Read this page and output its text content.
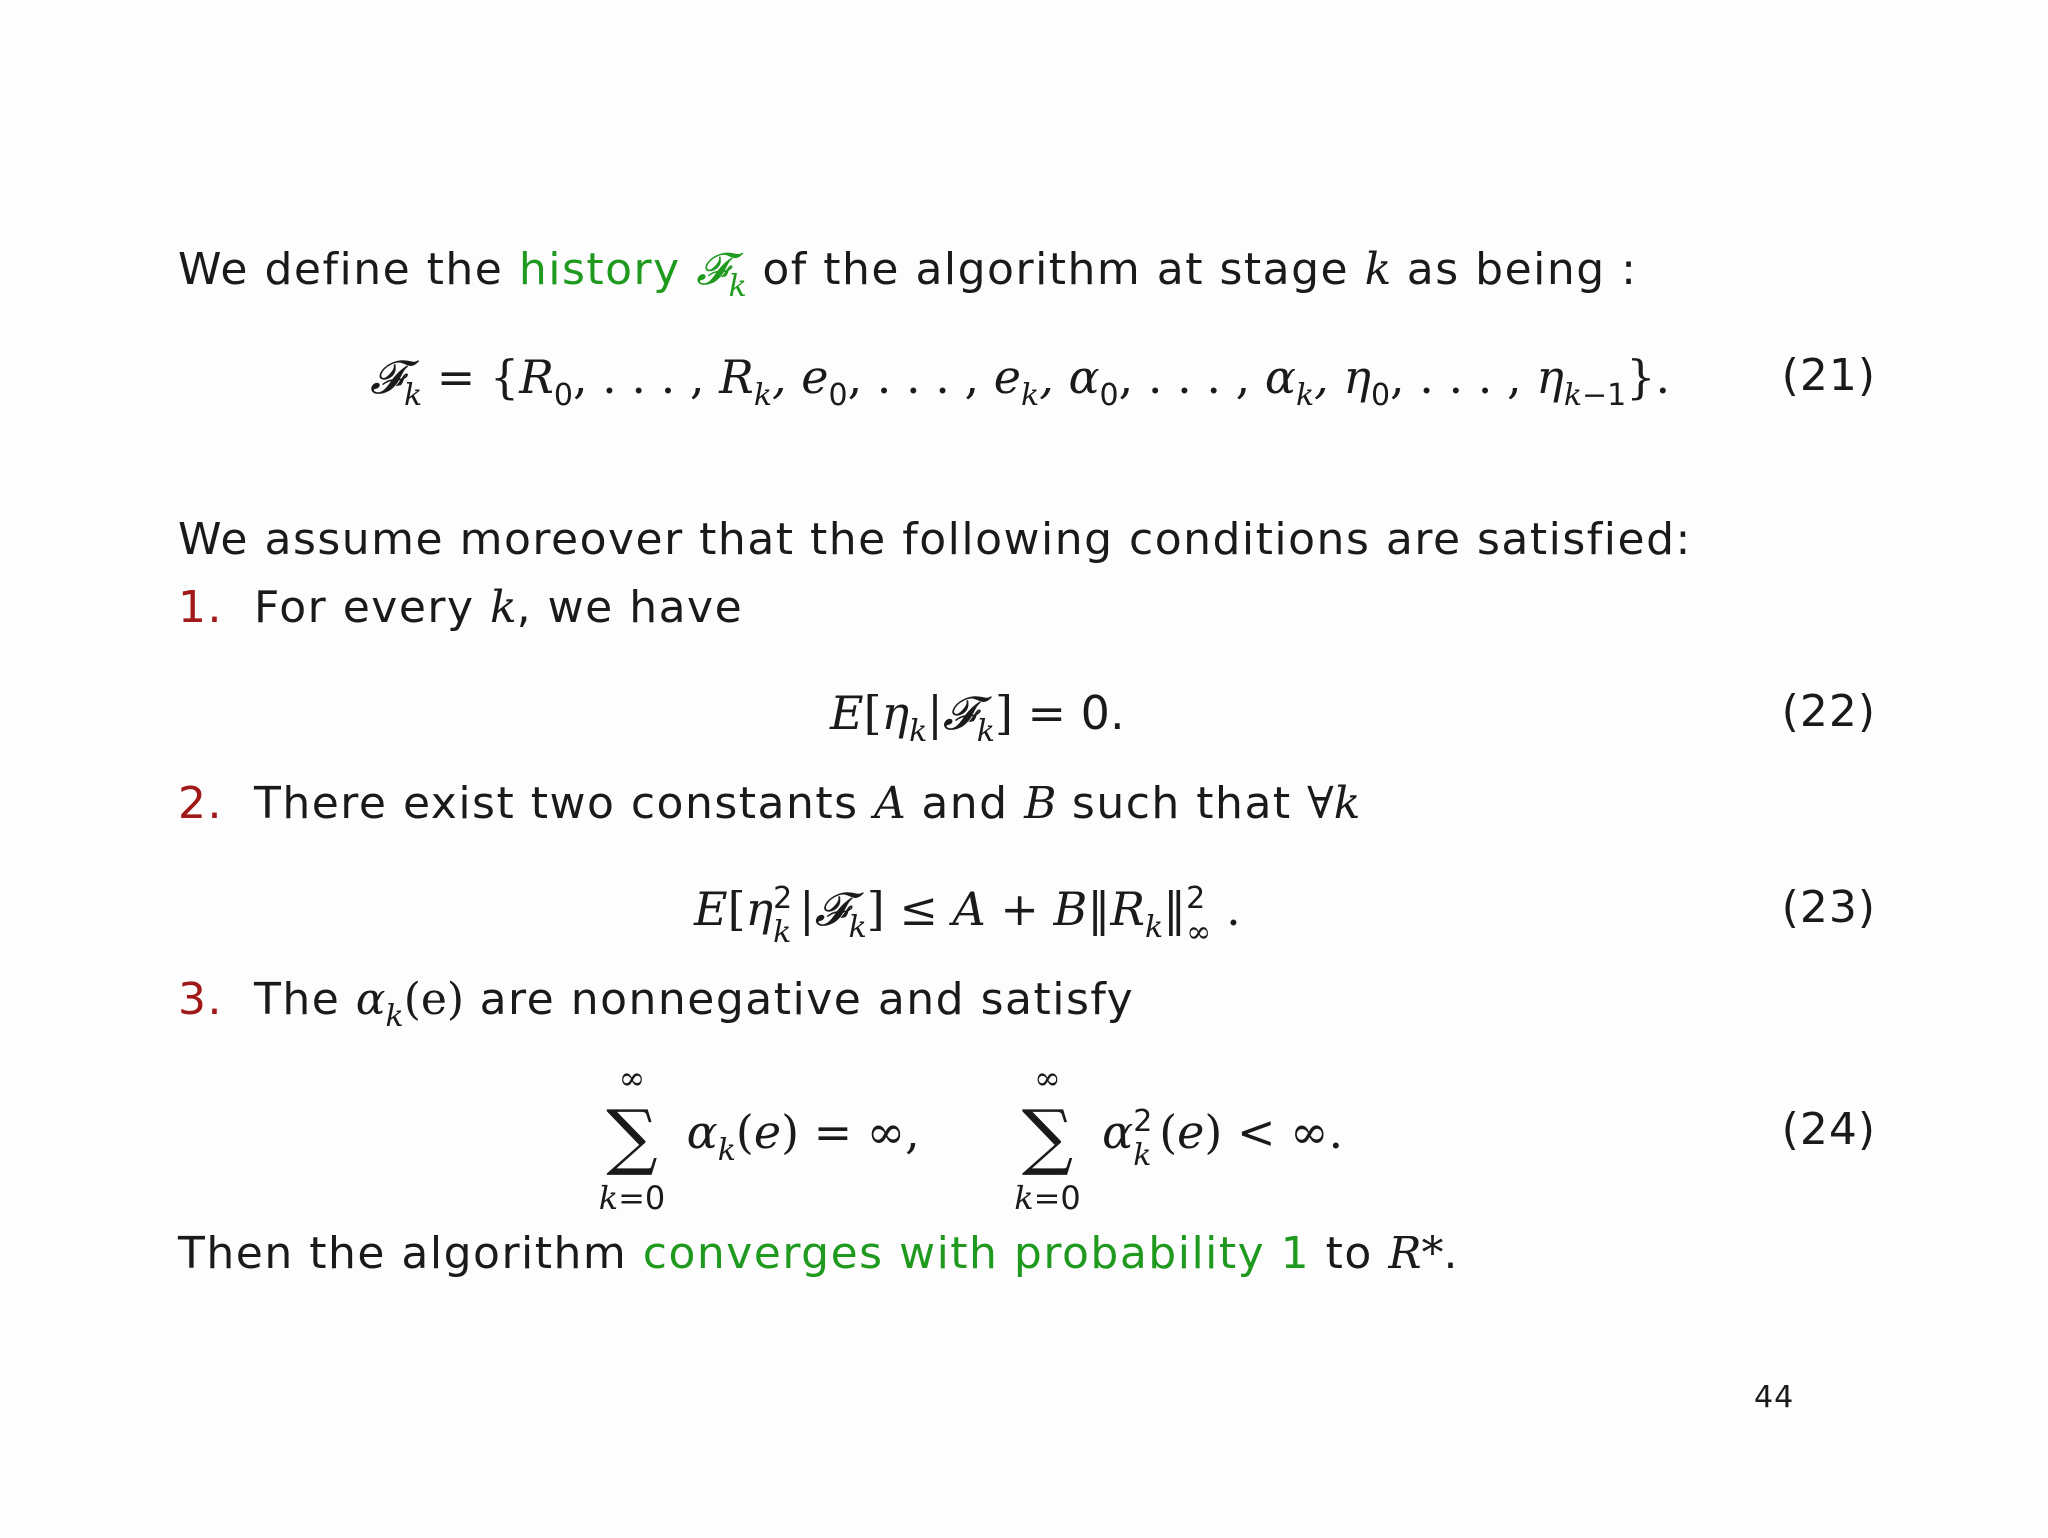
We define the history 𝓕$_k$ of the algorithm at stage k as being :
𝓕$_k$ = {$R_0$, . . . , $R_k$, $e_0$, . . . , $e_k$, $\alpha_0$, . . . , $\alpha_k$, $\eta_0$, . . . , $\eta_{k-1}$}.	(21)
We assume moreover that the following conditions are satisfied:
1. For every k, we have
$E[\eta_k|𝓕_k] = 0$.	(22)
2. There exist two constants A and B such that ∀k
E[η 2
k |𝓕$_k$] ≤ $A + B‖R_k‖$ 2
∞ .	(23)
3. The $\alpha_k(e)$ are nonnegative and satisfy
∞
∑
k=0
$\alpha_k(e)$ = ∞,
∞
∑
k=0
α 2
k (e) < ∞.	(24)
Then the algorithm converges with probability 1 to R*.
44
